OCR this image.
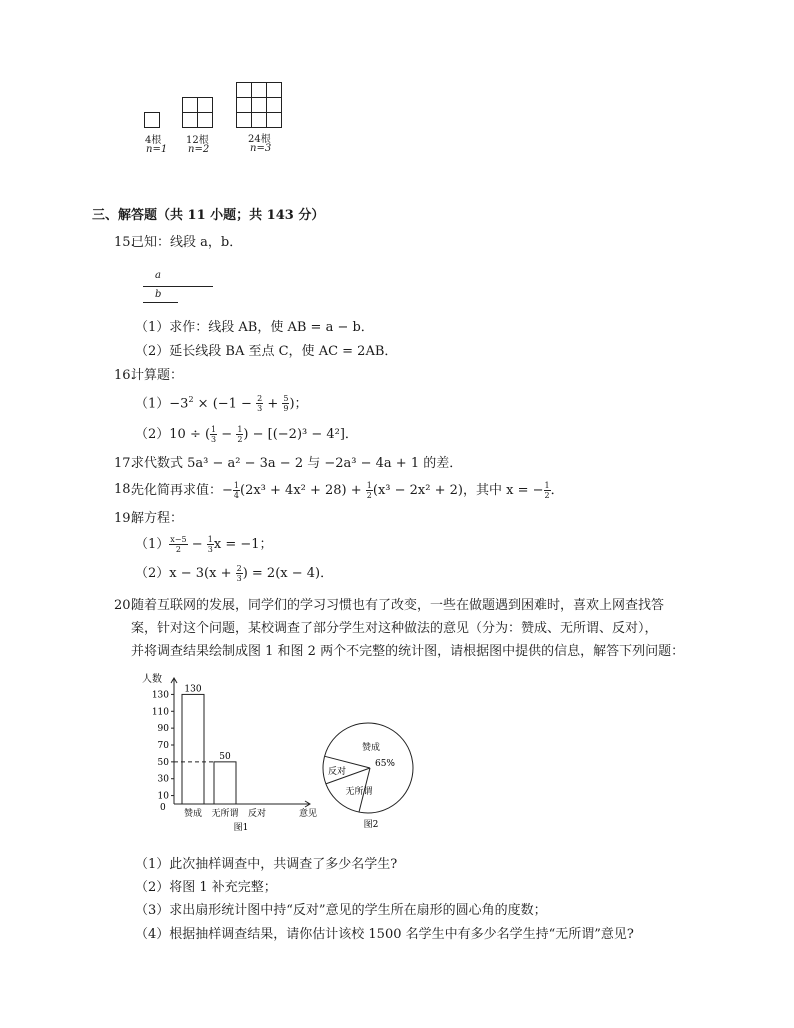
4根
n=1
12根
n=2
24根
n=3
三、解答题（共 11 小题；共 143 分）
15.
已知：线段 a，b．
a
b
（1）求作：线段 AB，使 AB = a − b．
（2）延长线段 BA 至点 C，使 AC = 2AB．
16.
计算题：
$(1)-3^2 \times (-1 - \frac{2}{3} + \frac{5}{9}$ )；
（2）10 ÷ ( $\frac{1}{3} - \frac{1}{2}$ ) − [(−2)³ − 4²]．
17.
求代数式 5a³ − a² − 3a − 2 与 −2a³ − 4a + 1 的差．
18.
先化简再求值：− $\frac{1}{4} (2x^3 + 4x^2 + 28) + \frac{1}{2} (x^3 - 2x^2 + 2)$，其中 x = − $\frac{1}{2}$ ．
19.
解方程：
$(1) \frac{x-5}{2} - \frac{1}{3}$ x = −1；
$(2)x - 3(x + \frac{2}{3}$ ) = 2(x − 4)．
20.
随着互联网的发展，同学们的学习习惯也有了改变，一些在做题遇到困难时，喜欢上网查找答
案，针对这个问题，某校调查了部分学生对这种做法的意见（分为：赞成、无所谓、反对），
并将调查结果绘制成图 1 和图 2 两个不完整的统计图，请根据图中提供的信息，解答下列问题：
人数
0
10
30
50
70
90
110
130
赞成
130
无所谓
50
反对	意见
图1
赞成
65%
反对
无所谓
图2
（1）此次抽样调查中，共调查了多少名学生?
（2）将图 1 补充完整；
（3）求出扇形统计图中持“反对”意见的学生所在扇形的圆心角的度数；
（4）根据抽样调查结果，请你估计该校 1500 名学生中有多少名学生持“无所谓”意见?
